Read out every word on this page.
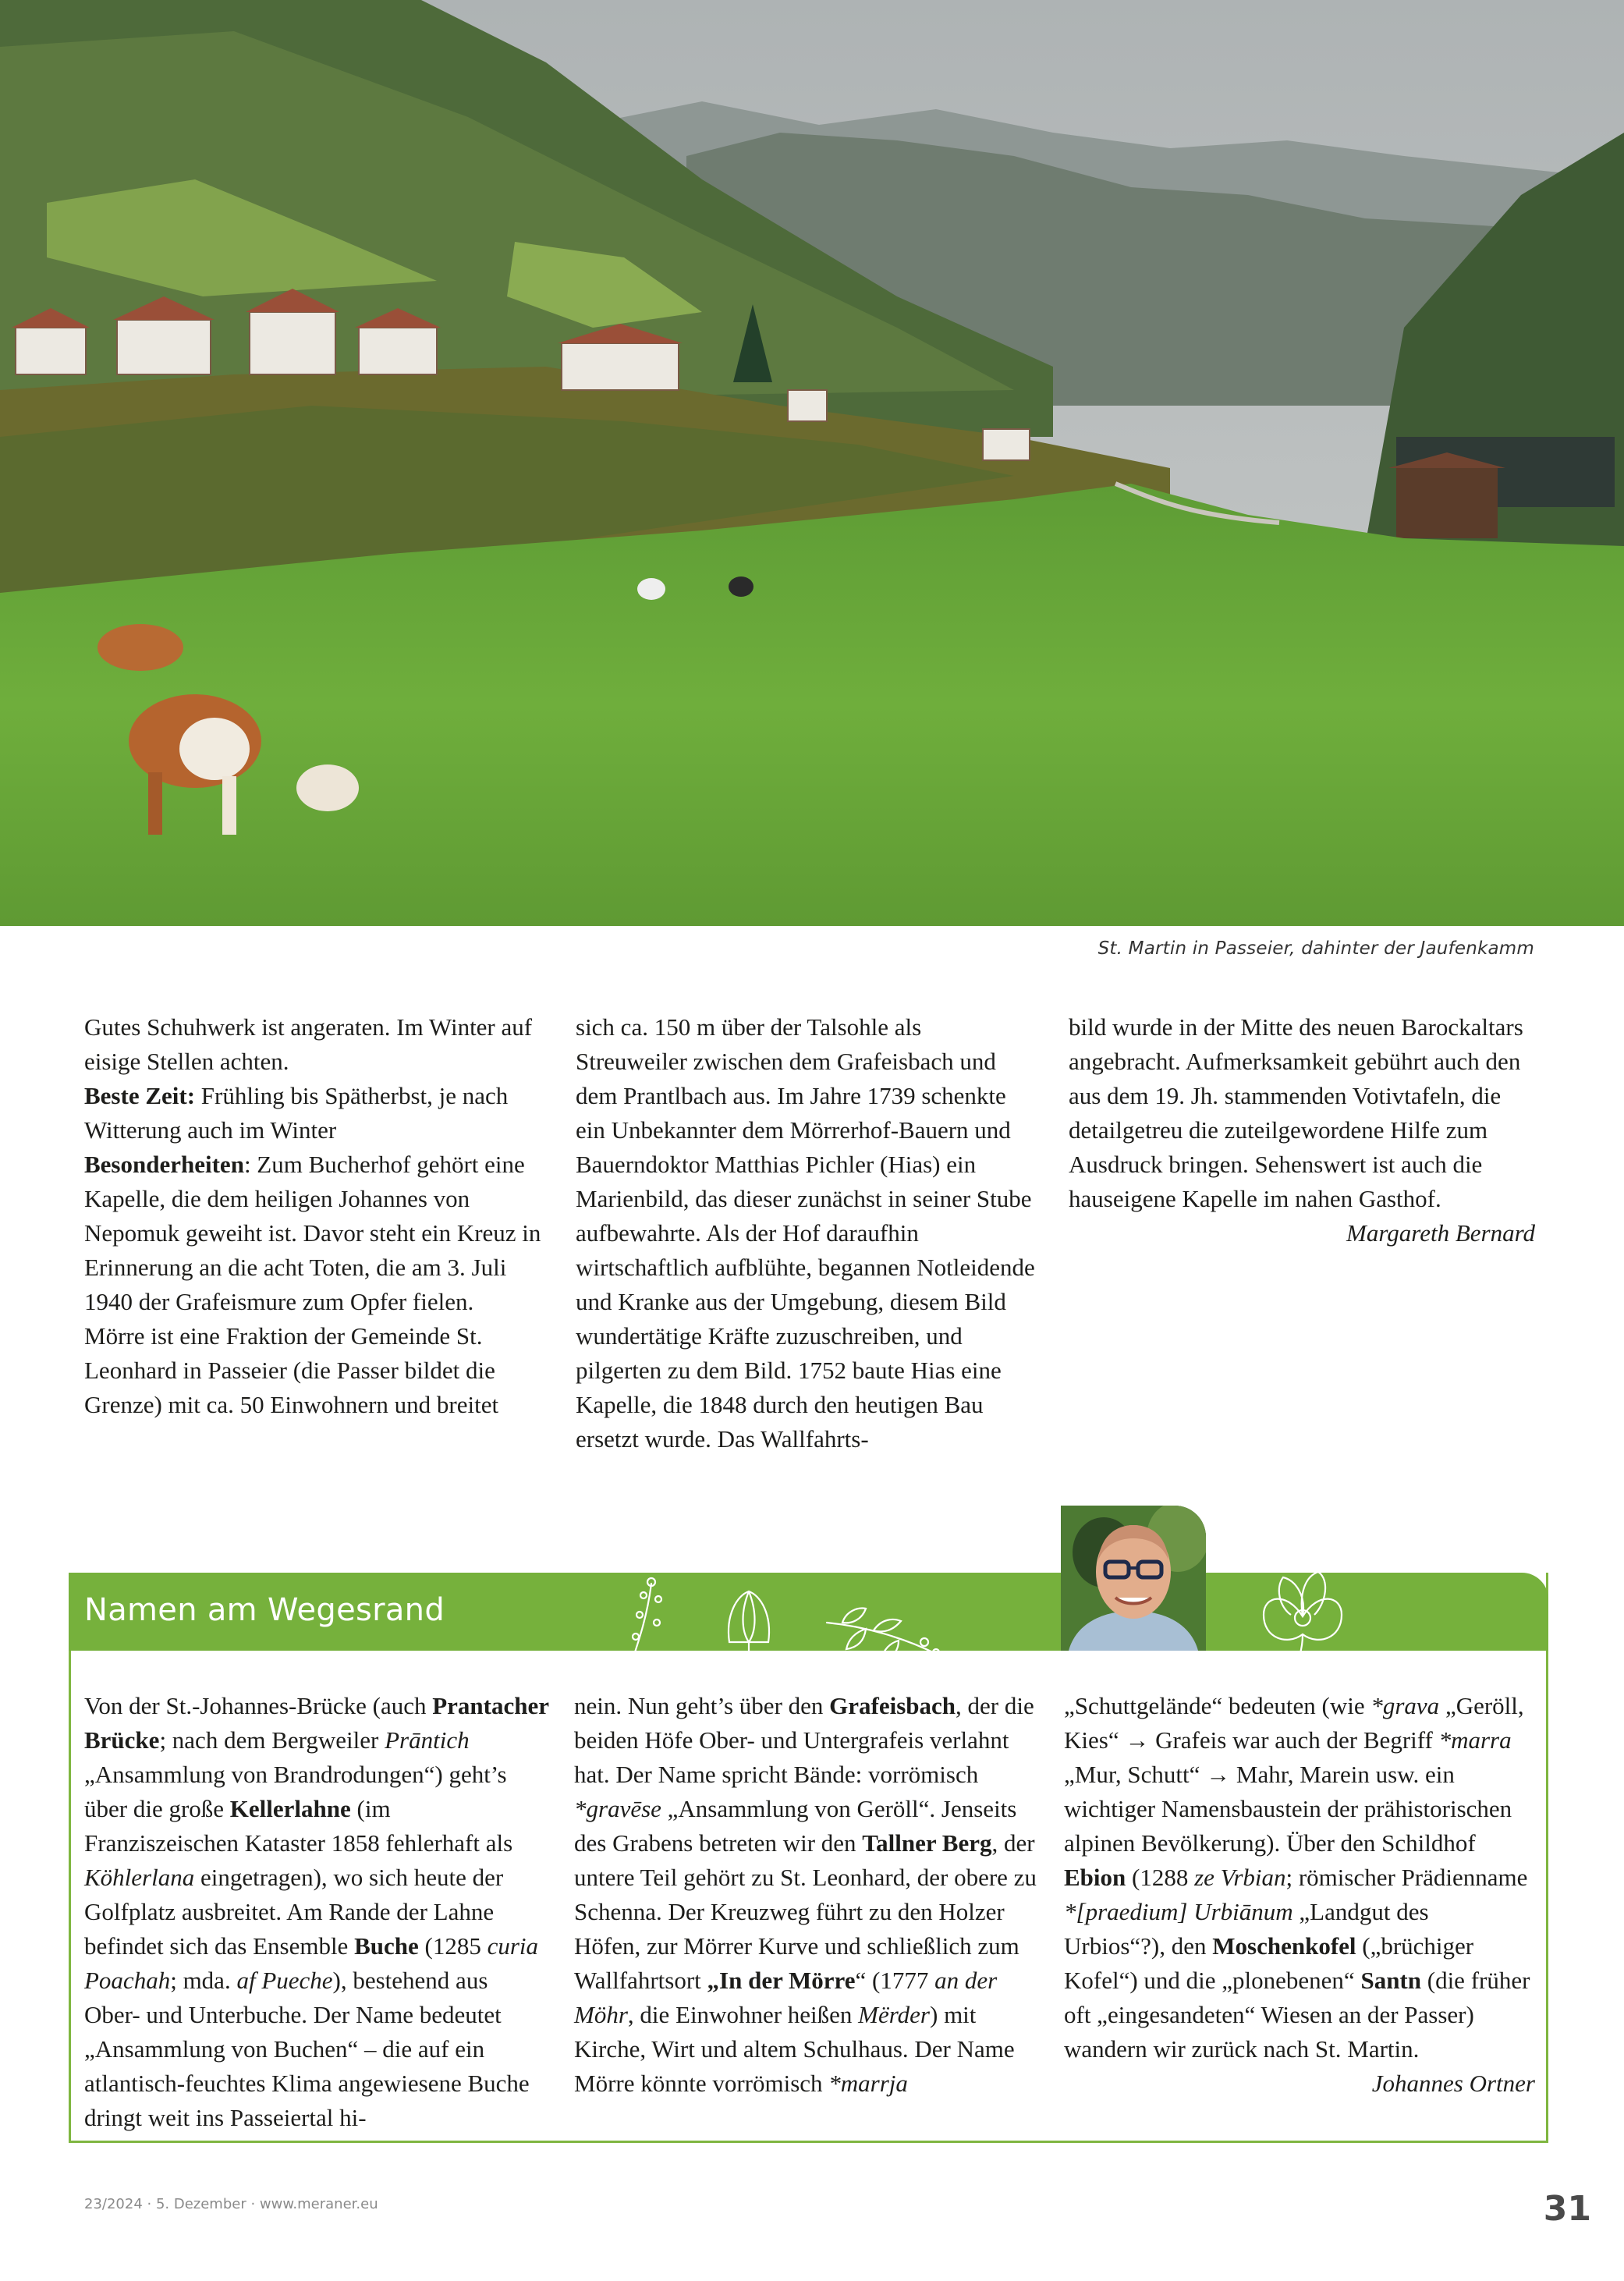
St. Martin in Passeier, dahinter der Jaufenkamm

Gutes Schuhwerk ist angeraten. Im Winter auf eisige Stellen achten.

Beste Zeit: Frühling bis Spätherbst, je nach Witterung auch im Winter

Besonderheiten: Zum Bucherhof gehört eine Kapelle, die dem heiligen Johannes von Nepomuk geweiht ist. Davor steht ein Kreuz in Erinnerung an die acht Toten, die am 3. Juli 1940 der Grafeismure zum Opfer fielen.

Mörre ist eine Fraktion der Gemeinde St. Leonhard in Passeier (die Passer bildet die Grenze) mit ca. 50 Einwohnern und breitet

sich ca. 150 m über der Talsohle als Streuweiler zwischen dem Grafeisbach und dem Prantlbach aus. Im Jahre 1739 schenkte ein Unbekannter dem Mörrerhof-Bauern und Bauerndoktor Matthias Pichler (Hias) ein Marienbild, das dieser zunächst in seiner Stube aufbewahrte. Als der Hof daraufhin wirtschaftlich aufblühte, begannen Notleidende und Kranke aus der Umgebung, diesem Bild wundertätige Kräfte zuzuschreiben, und pilgerten zu dem Bild. 1752 baute Hias eine Kapelle, die 1848 durch den heutigen Bau ersetzt wurde. Das Wallfahrts-

bild wurde in der Mitte des neuen Barockaltars angebracht. Aufmerksamkeit gebührt auch den aus dem 19. Jh. stammenden Votivtafeln, die detailgetreu die zuteilgewordene Hilfe zum Ausdruck bringen. Sehenswert ist auch die hauseigene Kapelle im nahen Gasthof.

Margareth Bernard

Namen am Wegesrand

Von der St.-Johannes-Brücke (auch Prantacher Brücke; nach dem Bergweiler Prāntich „Ansammlung von Brandrodungen“) geht’s über die große Kellerlahne (im Franziszeischen Kataster 1858 fehlerhaft als Köhlerlana eingetragen), wo sich heute der Golfplatz ausbreitet. Am Rande der Lahne befindet sich das Ensemble Buche (1285 curia Poachah; mda. af Pueche), bestehend aus Ober- und Unterbuche. Der Name bedeutet „Ansammlung von Buchen“ – die auf ein atlantisch-feuchtes Klima angewiesene Buche dringt weit ins Passeiertal hi-

nein. Nun geht’s über den Grafeisbach, der die beiden Höfe Ober- und Untergrafeis verlahnt hat. Der Name spricht Bände: vorrömisch *gravēse „Ansammlung von Geröll“. Jenseits des Grabens betreten wir den Tallner Berg, der untere Teil gehört zu St. Leonhard, der obere zu Schenna. Der Kreuzweg führt zu den Holzer Höfen, zur Mörrer Kurve und schließlich zum Wallfahrtsort „In der Mörre“ (1777 an der Möhr, die Einwohner heißen Mërder) mit Kirche, Wirt und altem Schulhaus. Der Name Mörre könnte vorrömisch *marrja

„Schuttgelände“ bedeuten (wie *grava „Geröll, Kies“ → Grafeis war auch der Begriff *marra „Mur, Schutt“ → Mahr, Marein usw. ein wichtiger Namensbaustein der prähistorischen alpinen Bevölkerung). Über den Schildhof Ebion (1288 ze Vrbian; römischer Prädienname *[praedium] Urbiānum „Landgut des Urbios“?), den Moschenkofel („brüchiger Kofel“) und die „plonebenen“ Santn (die früher oft „eingesandeten“ Wiesen an der Passer) wandern wir zurück nach St. Martin.

Johannes Ortner

23/2024 · 5. Dezember · www.meraner.eu	31
